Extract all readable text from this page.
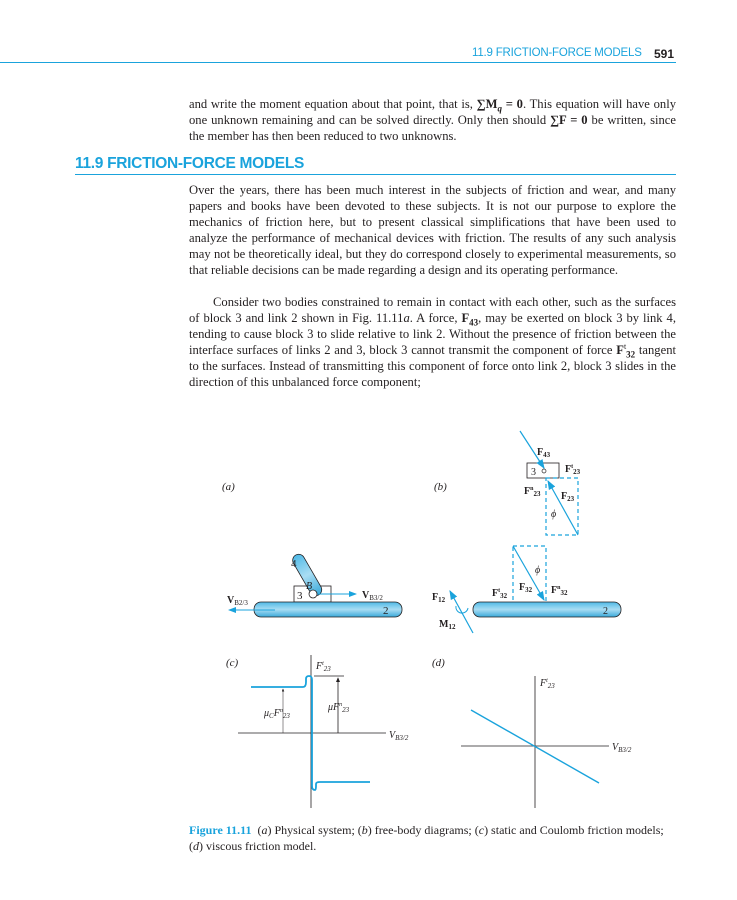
11.9 FRICTION-FORCE MODELS 591
and write the moment equation about that point, that is, $\sum M_q = 0$. This equation will have only one unknown remaining and can be solved directly. Only then should ∑F = 0 be written, since the member has then been reduced to two unknowns.
11.9 FRICTION-FORCE MODELS
Over the years, there has been much interest in the subjects of friction and wear, and many papers and books have been devoted to these subjects. It is not our purpose to explore the mechanics of friction here, but to present classical simplifications that have been used to analyze the performance of mechanical devices with friction. The results of any such analysis may not be theoretically ideal, but they do correspond closely to experimental measurements, so that reliable decisions can be made regarding a design and its operating performance.
Consider two bodies constrained to remain in contact with each other, such as the surfaces of block 3 and link 2 shown in Fig. 11.11a. A force, $F_{43}$, may be exerted on block 3 by link 4, tending to cause block 3 to slide relative to link 2. Without the presence of friction between the interface surfaces of links 2 and 3, block 3 cannot transmit the component of force $F^t_{32}$ tangent to the surfaces. Instead of transmitting this component of force onto link 2, block 3 slides in the direction of this unbalanced force component;
(a)
4
3
B
2
$V_{B3/2}$
$V_{B2/3}$
(b)
3
$F_{43}$
$F^n_{23}$
$F^t_{23}$
$F_{23}$
ϕ
ϕ
$F_{32}$ $F^n_{32}$
$F^t_{32}$
2
$F_{12}$
$M_{12}$
(c)	$F^t_{23}$
$\mu_CF^n_{23}$
$\mu F^n_{23}$
$V_{B3/2}$
(d)
$F^t_{23}$
$V_{B3/2}$
Figure 11.11 (a) Physical system; (b) free-body diagrams; (c) static and Coulomb friction models; (d) viscous friction model.
